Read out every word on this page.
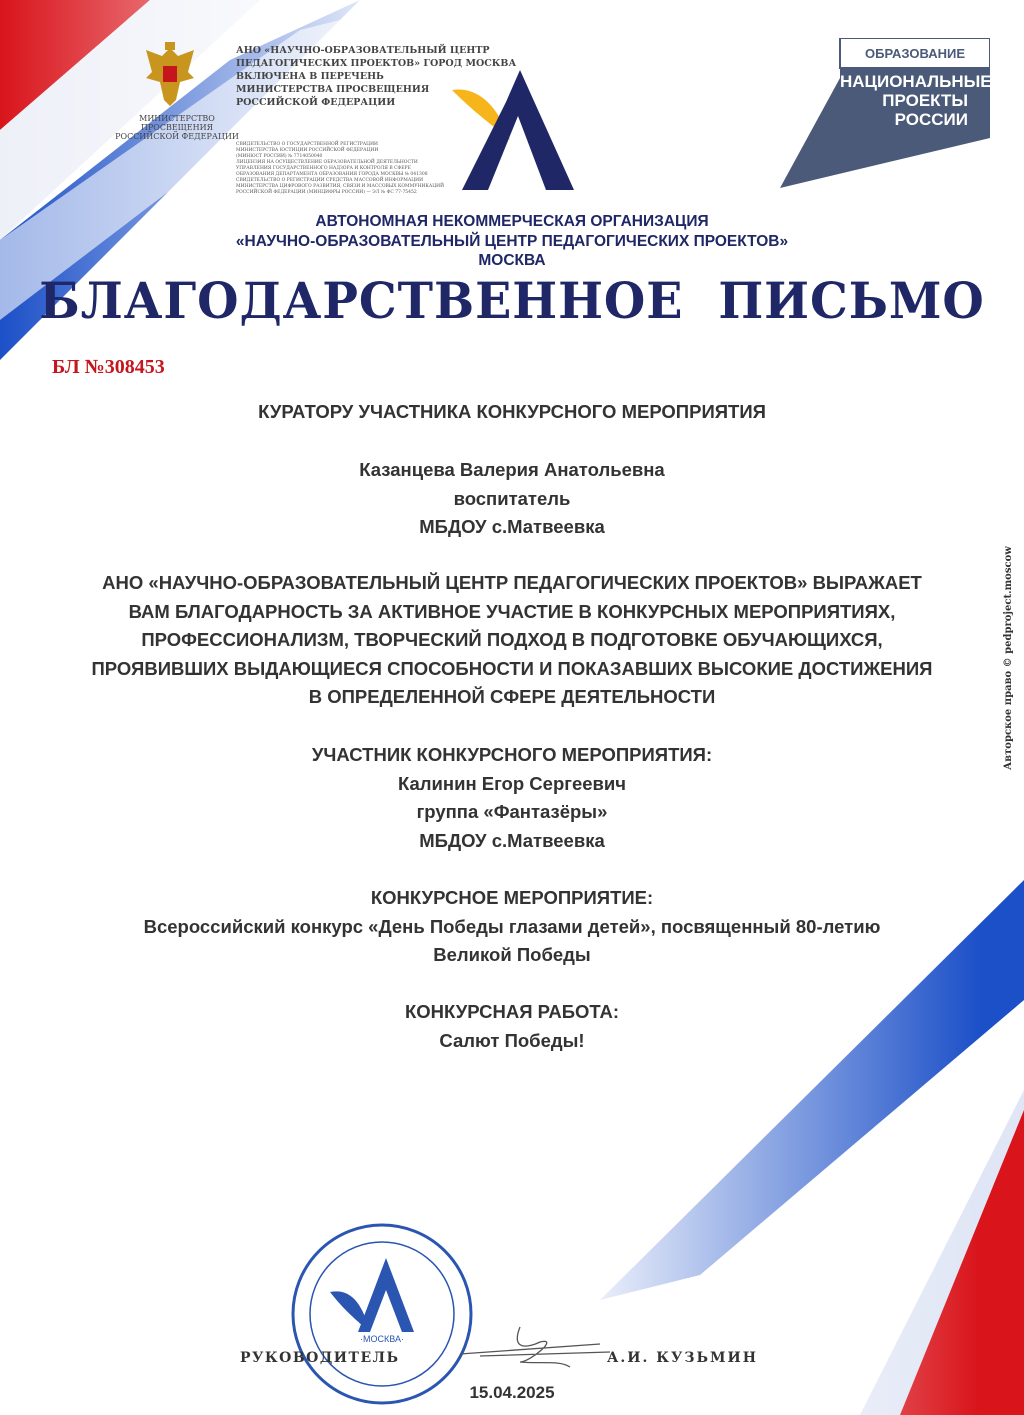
МИНИСТЕРСТВО ПРОСВЕЩЕНИЯ
РОССИЙСКОЙ ФЕДЕРАЦИИ
АНО «НАУЧНО-ОБРАЗОВАТЕЛЬНЫЙ ЦЕНТР
ПЕДАГОГИЧЕСКИХ ПРОЕКТОВ» ГОРОД МОСКВА
ВКЛЮЧЕНА В ПЕРЕЧЕНЬ
МИНИСТЕРСТВА ПРОСВЕЩЕНИЯ
РОССИЙСКОЙ ФЕДЕРАЦИИ
СВИДЕТЕЛЬСТВО О ГОСУДАРСТВЕННОЙ РЕГИСТРАЦИИ
МИНИСТЕРСТВА ЮСТИЦИИ РОССИЙСКОЙ ФЕДЕРАЦИИ
(МИНЮСТ РОССИИ) № 7714050040
ЛИЦЕНЗИЯ НА ОСУЩЕСТВЛЕНИЕ ОБРАЗОВАТЕЛЬНОЙ ДЕЯТЕЛЬНОСТИ
УПРАВЛЕНИЯ ГОСУДАРСТВЕННОГО НАДЗОРА И КОНТРОЛЯ В СФЕРЕ
ОБРАЗОВАНИЯ ДЕПАРТАМЕНТА ОБРАЗОВАНИЯ ГОРОДА МОСКВЫ № 041308
СВИДЕТЕЛЬСТВО О РЕГИСТРАЦИИ СРЕДСТВА МАССОВОЙ ИНФОРМАЦИИ
МИНИСТЕРСТВА ЦИФРОВОГО РАЗВИТИЯ, СВЯЗИ И МАССОВЫХ КОММУНИКАЦИЙ
РОССИЙСКОЙ ФЕДЕРАЦИИ (МИНЦИФРЫ РОССИИ) — ЭЛ № ФС 77-75452
ОБРАЗОВАНИЕ
НАЦИОНАЛЬНЫЕ
ПРОЕКТЫ
РОССИИ
АВТОНОМНАЯ НЕКОММЕРЧЕСКАЯ ОРГАНИЗАЦИЯ
«НАУЧНО-ОБРАЗОВАТЕЛЬНЫЙ ЦЕНТР ПЕДАГОГИЧЕСКИХ ПРОЕКТОВ»
МОСКВА
БЛАГОДАРСТВЕННОЕ  ПИСЬМО
БЛ №308453
Авторское право © pedproject.moscow
КУРАТОРУ УЧАСТНИКА КОНКУРСНОГО МЕРОПРИЯТИЯ
Казанцева Валерия Анатольевна
воспитатель
МБДОУ с.Матвеевка
АНО «НАУЧНО-ОБРАЗОВАТЕЛЬНЫЙ ЦЕНТР ПЕДАГОГИЧЕСКИХ ПРОЕКТОВ» ВЫРАЖАЕТ
ВАМ БЛАГОДАРНОСТЬ ЗА АКТИВНОЕ УЧАСТИЕ В КОНКУРСНЫХ МЕРОПРИЯТИЯХ,
ПРОФЕССИОНАЛИЗМ, ТВОРЧЕСКИЙ ПОДХОД В ПОДГОТОВКЕ ОБУЧАЮЩИХСЯ,
ПРОЯВИВШИХ ВЫДАЮЩИЕСЯ СПОСОБНОСТИ И ПОКАЗАВШИХ ВЫСОКИЕ ДОСТИЖЕНИЯ
В ОПРЕДЕЛЕННОЙ СФЕРЕ ДЕЯТЕЛЬНОСТИ
УЧАСТНИК КОНКУРСНОГО МЕРОПРИЯТИЯ:
Калинин Егор Сергеевич
группа «Фантазёры»
МБДОУ с.Матвеевка
КОНКУРСНОЕ МЕРОПРИЯТИЕ:
Всероссийский конкурс «День Победы глазами детей», посвященный 80-летию
Великой Победы
КОНКУРСНАЯ РАБОТА:
Салют Победы!
·МОСКВА·
РУКОВОДИТЕЛЬ	А.И. КУЗЬМИН
15.04.2025
